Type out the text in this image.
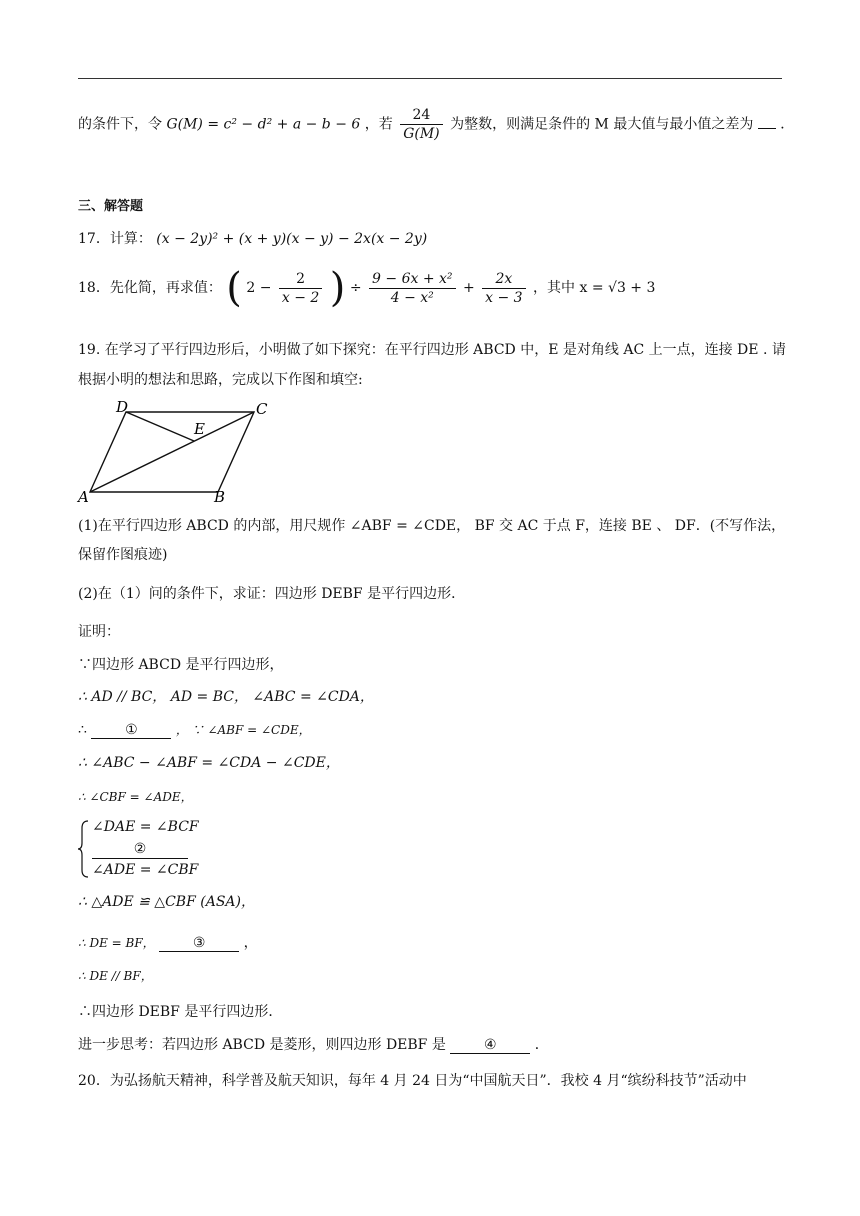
的条件下，令 G(M) = c² − d² + a − b − 6 ，若 $\frac{24}{G(M)}$ 为整数，则满足条件的 M 最大值与最小值之差为 ．
三、解答题
17．计算： (x − 2y)² + (x + y)(x − y) − 2x(x − 2y)
18．先化简，再求值： ( $2 - \frac{2}{x - 2}$ ) ÷ $\frac{\text{9 − 6x + x²}}{\text{4 − x²}} + \frac{2x}{x - 3}$ ，其中 x = √3 + 3
19. 在学习了平行四边形后，小明做了如下探究：在平行四边形 ABCD 中，E 是对角线 AC 上一点，连接 DE . 请
根据小明的想法和思路，完成以下作图和填空:
D	C
E
A	B
(1)在平行四边形 ABCD 的内部，用尺规作 ∠ABF = ∠CDE， BF 交 AC 于点 F，连接 BE 、 DF．(不写作法，
保留作图痕迹)
(2)在（1）问的条件下，求证：四边形 DEBF 是平行四边形．
证明：
∵四边形 ABCD 是平行四边形，
∴ AD // BC， AD = BC， ∠ABC = ∠CDA，
∴	①	， ∵ ∠ABF = ∠CDE，
∴ ∠ABC − ∠ABF = ∠CDA − ∠CDE，
∴ ∠CBF = ∠ADE，
∠DAE = ∠BCF
②
∠ADE = ∠CBF
∴ △ADE ≌ △CBF (ASA)，
∴ DE = BF，	③	，
∴ DE // BF，
∴四边形 DEBF 是平行四边形．
进一步思考：若四边形 ABCD 是菱形，则四边形 DEBF 是	④	．
20．为弘扬航天精神，科学普及航天知识，每年 4 月 24 日为“中国航天日”．我校 4 月“缤纷科技节”活动中
